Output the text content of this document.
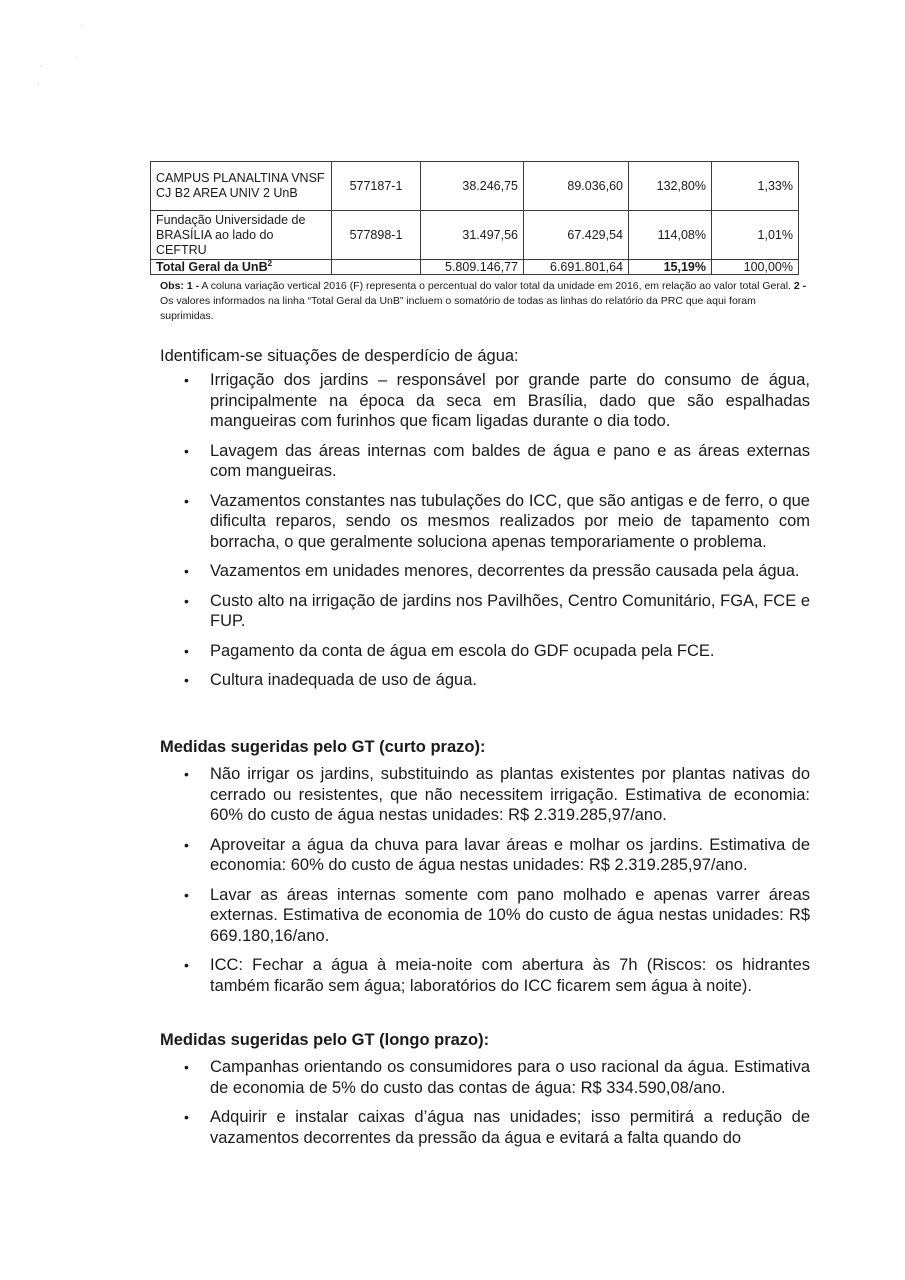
'
,
.
'
CAMPUS PLANALTINA VNSF CJ B2 AREA UNIV 2 UnB	577187-1	38.246,75	89.036,60	132,80%	1,33%
Fundação Universidade de BRASÍLIA ao lado do CEFTRU	577898-1	31.497,56	67.429,54	114,08%	1,01%
Total Geral da UnB$^2$		5.809.146,77	6.691.801,64	15,19%	100,00%

Obs: 1 - A coluna variação vertical 2016 (F) representa o percentual do valor total da unidade em 2016, em relação ao valor total Geral. 2 - Os valores informados na linha “Total Geral da UnB” incluem o somatório de todas as linhas do relatório da PRC que aqui foram suprimidas.

Identificam-se situações de desperdício de água:

• Irrigação dos jardins – responsável por grande parte do consumo de água, principalmente na época da seca em Brasília, dado que são espalhadas mangueiras com furinhos que ficam ligadas durante o dia todo.
• Lavagem das áreas internas com baldes de água e pano e as áreas externas com mangueiras.
• Vazamentos constantes nas tubulações do ICC, que são antigas e de ferro, o que dificulta reparos, sendo os mesmos realizados por meio de tapamento com borracha, o que geralmente soluciona apenas temporariamente o problema.
• Vazamentos em unidades menores, decorrentes da pressão causada pela água.
• Custo alto na irrigação de jardins nos Pavilhões, Centro Comunitário, FGA, FCE e FUP.
• Pagamento da conta de água em escola do GDF ocupada pela FCE.
• Cultura inadequada de uso de água.
Medidas sugeridas pelo GT (curto prazo):
• Não irrigar os jardins, substituindo as plantas existentes por plantas nativas do cerrado ou resistentes, que não necessitem irrigação. Estimativa de economia: 60% do custo de água nestas unidades: R$ 2.319.285,97/ano.
• Aproveitar a água da chuva para lavar áreas e molhar os jardins. Estimativa de economia: 60% do custo de água nestas unidades: R$ 2.319.285,97/ano.
• Lavar as áreas internas somente com pano molhado e apenas varrer áreas externas. Estimativa de economia de 10% do custo de água nestas unidades: R$ 669.180,16/ano.
• ICC: Fechar a água à meia-noite com abertura às 7h (Riscos: os hidrantes também ficarão sem água; laboratórios do ICC ficarem sem água à noite).
Medidas sugeridas pelo GT (longo prazo):
• Campanhas orientando os consumidores para o uso racional da água. Estimativa de economia de 5% do custo das contas de água: R$ 334.590,08/ano.
• Adquirir e instalar caixas d’água nas unidades; isso permitirá a redução de vazamentos decorrentes da pressão da água e evitará a falta quando do
